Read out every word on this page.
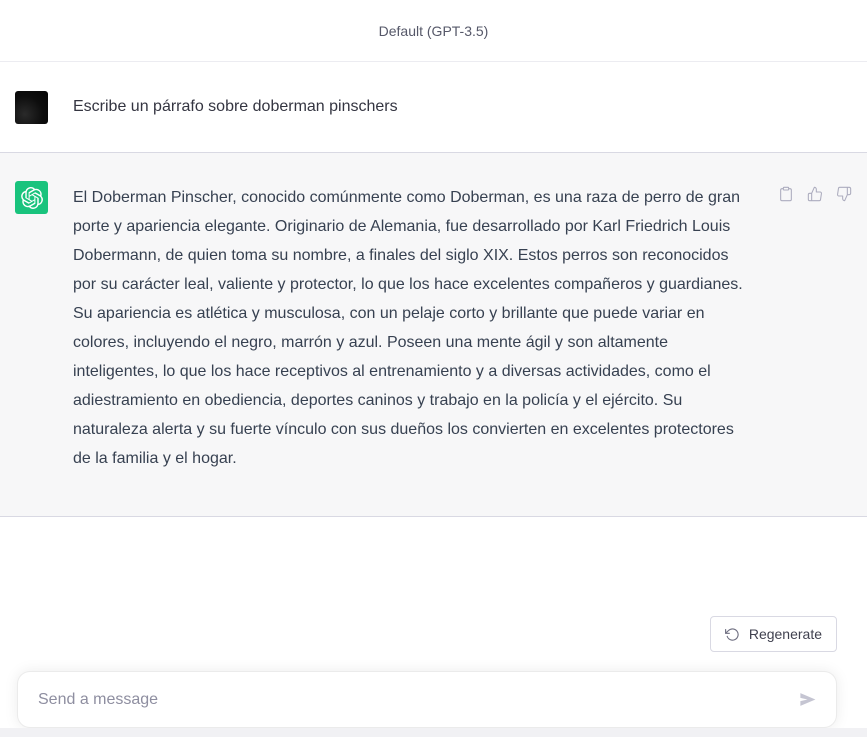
Default (GPT-3.5)
Escribe un párrafo sobre doberman pinschers
El Doberman Pinscher, conocido comúnmente como Doberman, es una raza de perro de gran porte y apariencia elegante. Originario de Alemania, fue desarrollado por Karl Friedrich Louis Dobermann, de quien toma su nombre, a finales del siglo XIX. Estos perros son reconocidos por su carácter leal, valiente y protector, lo que los hace excelentes compañeros y guardianes. Su apariencia es atlética y musculosa, con un pelaje corto y brillante que puede variar en colores, incluyendo el negro, marrón y azul. Poseen una mente ágil y son altamente inteligentes, lo que los hace receptivos al entrenamiento y a diversas actividades, como el adiestramiento en obediencia, deportes caninos y trabajo en la policía y el ejército. Su naturaleza alerta y su fuerte vínculo con sus dueños los convierten en excelentes protectores de la familia y el hogar.
Regenerate
Send a message
